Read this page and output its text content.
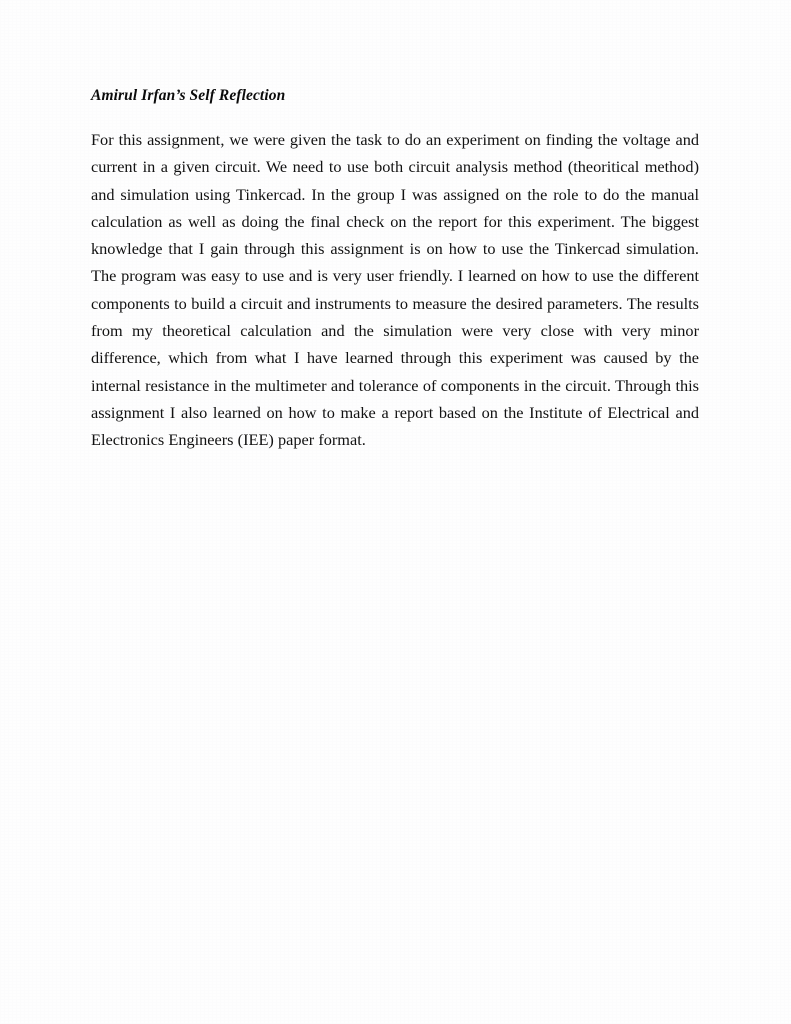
Amirul Irfan’s Self Reflection

For this assignment, we were given the task to do an experiment on finding the voltage and current in a given circuit. We need to use both circuit analysis method (theoritical method) and simulation using Tinkercad. In the group I was assigned on the role to do the manual calculation as well as doing the final check on the report for this experiment. The biggest knowledge that I gain through this assignment is on how to use the Tinkercad simulation. The program was easy to use and is very user friendly. I learned on how to use the different components to build a circuit and instruments to measure the desired parameters. The results from my theoretical calculation and the simulation were very close with very minor difference, which from what I have learned through this experiment was caused by the internal resistance in the multimeter and tolerance of components in the circuit. Through this assignment I also learned on how to make a report based on the Institute of Electrical and Electronics Engineers (IEE) paper format.
